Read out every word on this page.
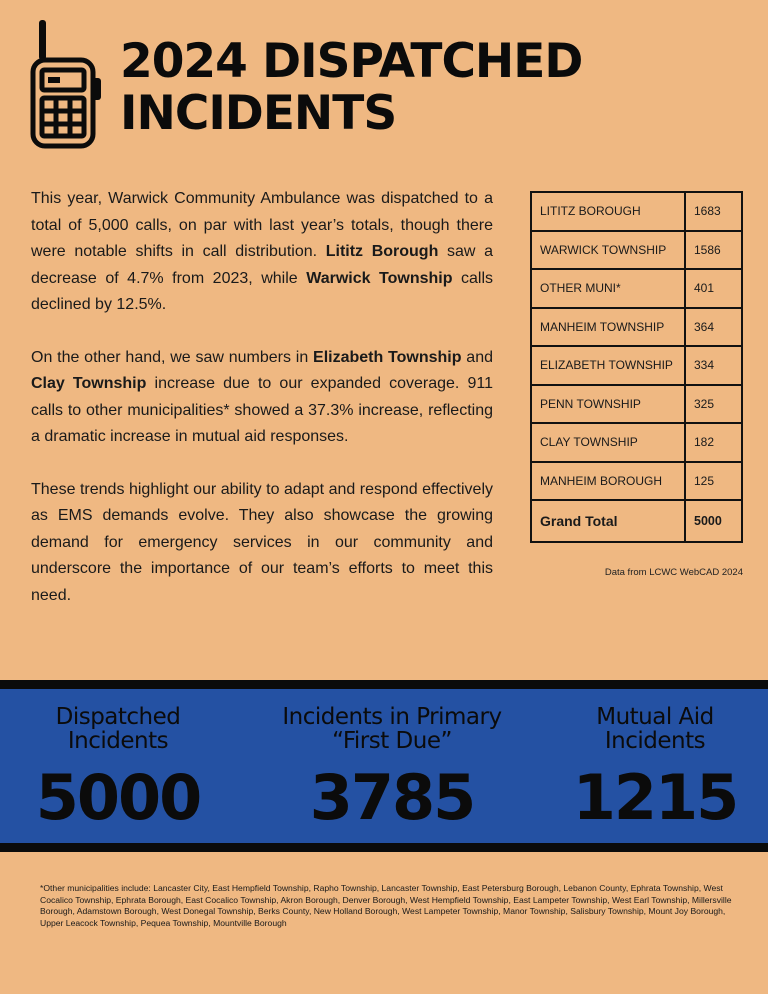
2024 DISPATCHED
INCIDENTS

This year, Warwick Community Ambulance was dispatched to a total of 5,000 calls, on par with last year’s totals, though there were notable shifts in call distribution. Lititz Borough saw a decrease of 4.7% from 2023, while Warwick Township calls declined by 12.5%.

On the other hand, we saw numbers in Elizabeth Township and Clay Township increase due to our expanded coverage. 911 calls to other municipalities* showed a 37.3% increase, reflecting a dramatic increase in mutual aid responses.

These trends highlight our ability to adapt and respond effectively as EMS demands evolve. They also showcase the growing demand for emergency services in our community and underscore the importance of our team’s efforts to meet this need.

LITITZ BOROUGH	1683
WARWICK TOWNSHIP	1586
OTHER MUNI*	401
MANHEIM TOWNSHIP	364
ELIZABETH TOWNSHIP	334
PENN TOWNSHIP	325
CLAY TOWNSHIP	182
MANHEIM BOROUGH	125
Grand Total	5000
Data from LCWC WebCAD 2024
Dispatched
Incidents
5000
Incidents in Primary
“First Due”
3785
Mutual Aid
Incidents
1215
*Other municipalities include: Lancaster City, East Hempfield Township, Rapho Township, Lancaster Township, East Petersburg Borough, Lebanon County, Ephrata Township, West Cocalico Township, Ephrata Borough, East Cocalico Township, Akron Borough, Denver Borough, West Hempfield Township, East Lampeter Township, West Earl Township, Millersville Borough, Adamstown Borough, West Donegal Township, Berks County, New Holland Borough, West Lampeter Township, Manor Township, Salisbury Township, Mount Joy Borough, Upper Leacock Township, Pequea Township, Mountville Borough
